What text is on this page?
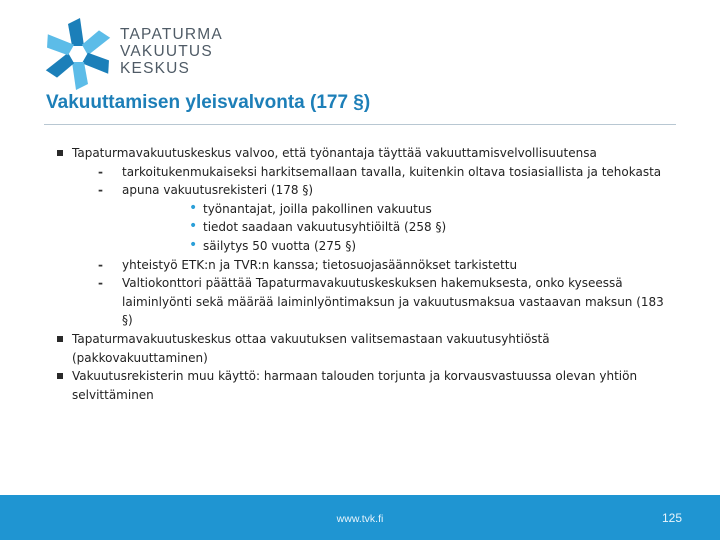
TAPATURMA
VAKUUTUS
KESKUS
Vakuuttamisen yleisvalvonta (177 §)
Tapaturmavakuutuskeskus valvoo, että työnantaja täyttää vakuuttamisvelvollisuutensa
- tarkoitukenmukaiseksi harkitsemallaan tavalla, kuitenkin oltava tosiasiallista ja tehokasta
- apuna vakuutusrekisteri (178 §)
• työnantajat, joilla pakollinen vakuutus
• tiedot saadaan vakuutusyhtiöiltä (258 §)
• säilytys 50 vuotta (275 §)
- yhteistyö ETK:n ja TVR:n kanssa; tietosuojasäännökset tarkistettu
- Valtiokonttori päättää Tapaturmavakuutuskeskuksen hakemuksesta, onko kyseessä laiminlyönti sekä määrää laiminlyöntimaksun ja vakuutusmaksua vastaavan maksun (183 §)
Tapaturmavakuutuskeskus ottaa vakuutuksen valitsemastaan vakuutusyhtiöstä (pakkovakuuttaminen)
Vakuutusrekisterin muu käyttö: harmaan talouden torjunta ja korvausvastuussa olevan yhtiön selvittäminen
www.tvk.fi	125
